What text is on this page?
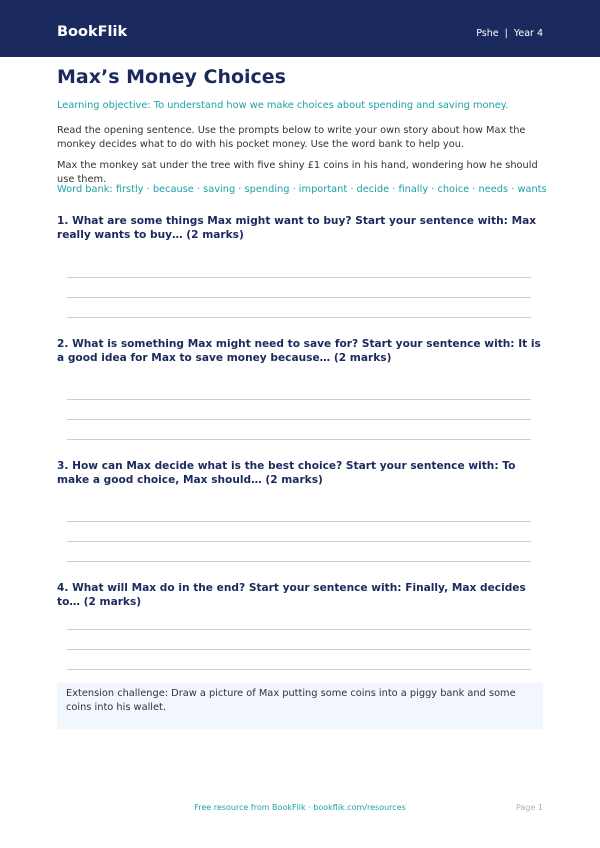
BookFlik	Pshe | Year 4
Max’s Money Choices
Learning objective: To understand how we make choices about spending and saving money.
Read the opening sentence. Use the prompts below to write your own story about how Max the monkey decides what to do with his pocket money. Use the word bank to help you.
Max the monkey sat under the tree with five shiny £1 coins in his hand, wondering how he should use them.
Word bank: firstly · because · saving · spending · important · decide · finally · choice · needs · wants
1. What are some things Max might want to buy? Start your sentence with: Max really wants to buy… (2 marks)
2. What is something Max might need to save for? Start your sentence with: It is a good idea for Max to save money because… (2 marks)
3. How can Max decide what is the best choice? Start your sentence with: To make a good choice, Max should… (2 marks)
4. What will Max do in the end? Start your sentence with: Finally, Max decides to… (2 marks)
Extension challenge: Draw a picture of Max putting some coins into a piggy bank and some coins into his wallet.
Free resource from BookFlik · bookflik.com/resources	Page 1
